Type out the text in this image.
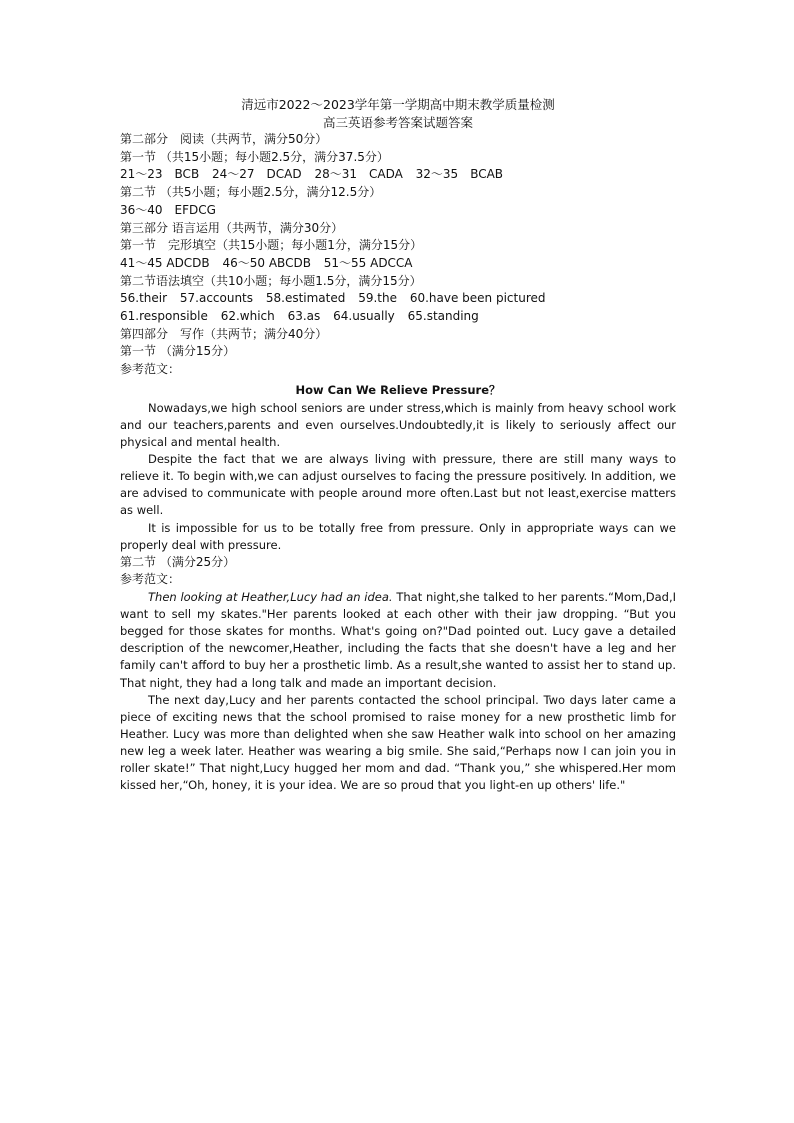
清远市2022～2023学年第一学期高中期末教学质量检测
高三英语参考答案试题答案
第二部分　阅读（共两节，满分50分）
第一节 （共15小题；每小题2.5分，满分37.5分）
21～23　BCB 24～27　DCAD 28～31　CADA 32～35　BCAB
第二节 （共5小题；每小题2.5分，满分12.5分）
36～40　EFDCG
第三部分 语言运用（共两节，满分30分）
第一节　完形填空（共15小题；每小题1分，满分15分）
41～45 ADCDB 46～50 ABCDB 51～55 ADCCA
第二节语法填空（共10小题；每小题1.5分，满分15分）
56.their 57.accounts 58.estimated 59.the 60.have been pictured
61.responsible 62.which 63.as 64.usually 65.standing
第四部分　写作（共两节；满分40分）
第一节 （满分15分）
参考范文：
How Can We Relieve Pressure？

Nowadays,we high school seniors are under stress,which is mainly from heavy school work and our teachers,parents and even ourselves.Undoubtedly,it is likely to seriously affect our physical and mental health.

Despite the fact that we are always living with pressure, there are still many ways to relieve it. To begin with,we can adjust ourselves to facing the pressure positively. In addition, we are advised to communicate with people around more often.Last but not least,exercise matters as well.

It is impossible for us to be totally free from pressure. Only in appropriate ways can we properly deal with pressure.

第二节 （满分25分）
参考范文：

Then looking at Heather,Lucy had an idea. That night,she talked to her parents.“Mom,Dad,I want to sell my skates."Her parents looked at each other with their jaw dropping. “But you begged for those skates for months. What's going on?"Dad pointed out. Lucy gave a detailed description of the newcomer,Heather, including the facts that she doesn't have a leg and her family can't afford to buy her a prosthetic limb. As a result,she wanted to assist her to stand up. That night, they had a long talk and made an important decision.

The next day,Lucy and her parents contacted the school principal. Two days later came a piece of exciting news that the school promised to raise money for a new prosthetic limb for Heather. Lucy was more than delighted when she saw Heather walk into school on her amazing new leg a week later. Heather was wearing a big smile. She said,“Perhaps now I can join you in roller skate!” That night,Lucy hugged her mom and dad. “Thank you,” she whispered.Her mom kissed her,“Oh, honey, it is your idea. We are so proud that you light-en up others' life."
